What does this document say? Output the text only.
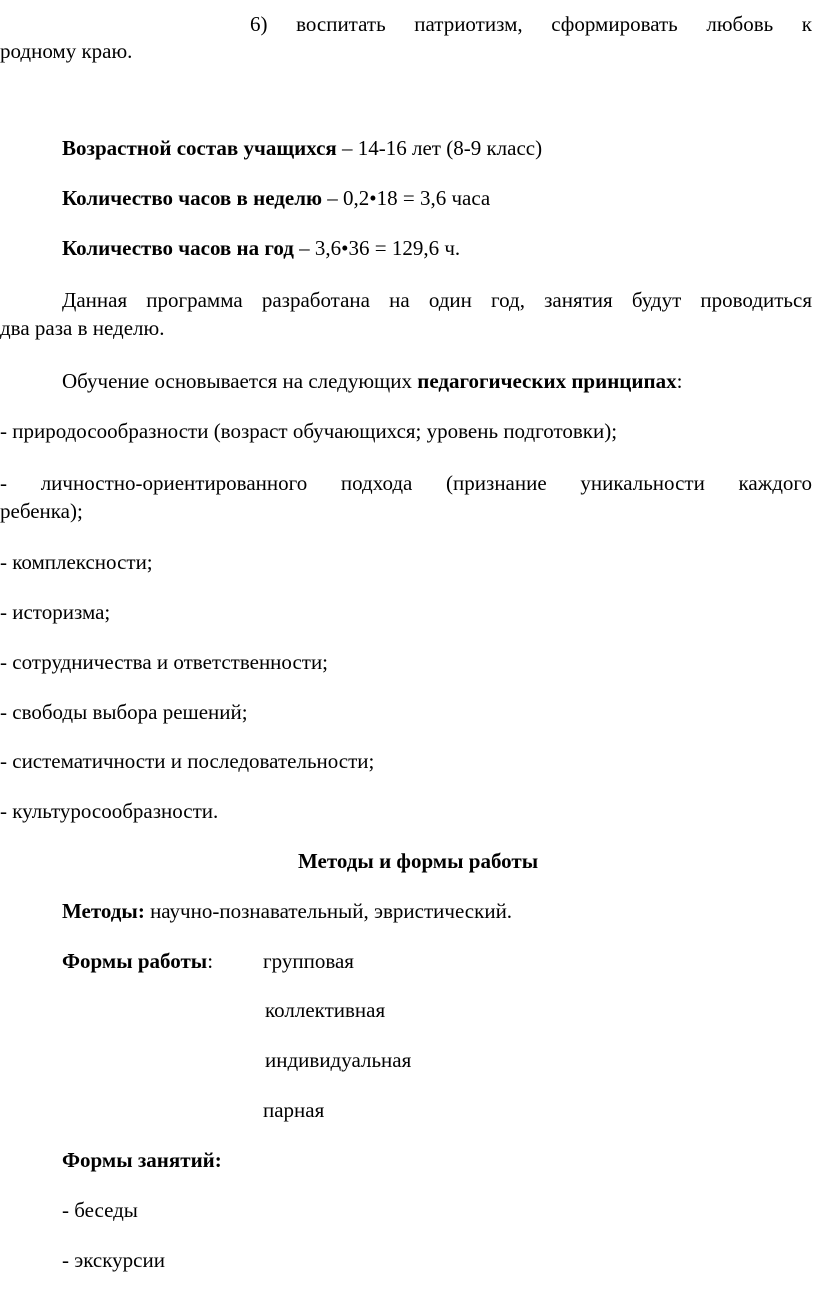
6) воспитать патриотизм, сформировать любовь к
родному краю.
Возрастной состав учащихся – 14-16 лет (8-9 класс)
Количество часов в неделю – 0,2•18 = 3,6 часа
Количество часов на год – 3,6•36 = 129,6 ч.
Данная программа разработана на один год, занятия будут проводиться
два раза в неделю.
Обучение основывается на следующих педагогических принципах:
- природосообразности (возраст обучающихся; уровень подготовки);
- личностно-ориентированного подхода (признание уникальности каждого
ребенка);
- комплексности;
- историзма;
- сотрудничества и ответственности;
- свободы выбора решений;
- систематичности и последовательности;
- культуросообразности.
Методы и формы работы
Методы: научно-познавательный, эвристический.
Формы работы: групповая
коллективная
индивидуальная
парная
Формы занятий:
- беседы
- экскурсии
